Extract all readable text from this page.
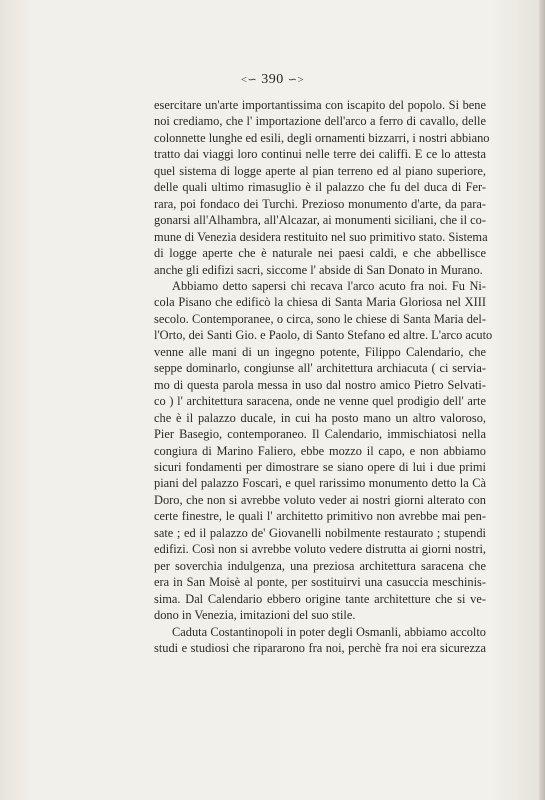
<∽ 390 ∽>
esercitare un'arte importantissima con iscapito del popolo. Si bene
noi crediamo, che l' importazione dell'arco a ferro di cavallo, delle
colonnette lunghe ed esili, degli ornamenti bizzarri, i nostri abbiano
tratto dai viaggi loro continui nelle terre dei califfi. E ce lo attesta
quel sistema di logge aperte al pian terreno ed al piano superiore,
delle quali ultimo rimasuglio è il palazzo che fu del duca di Fer-
rara, poi fondaco dei Turchi. Prezioso monumento d'arte, da para-
gonarsi all'Alhambra, all'Alcazar, ai monumenti siciliani, che il co-
mune di Venezia desidera restituito nel suo primitivo stato. Sistema
di logge aperte che è naturale nei paesi caldi, e che abbellisce
anche gli edifizi sacri, siccome l' abside di San Donato in Murano.
Abbiamo detto sapersi chi recava l'arco acuto fra noi. Fu Ni-
cola Pisano che edificò la chiesa di Santa Maria Gloriosa nel XIII
secolo. Contemporanee, o circa, sono le chiese di Santa Maria del-
l'Orto, dei Santi Gio. e Paolo, di Santo Stefano ed altre. L'arco acuto
venne alle mani di un ingegno potente, Filippo Calendario, che
seppe dominarlo, congiunse all' architettura archiacuta ( ci servia-
mo di questa parola messa in uso dal nostro amico Pietro Selvati-
co ) l' architettura saracena, onde ne venne quel prodigio dell' arte
che è il palazzo ducale, in cui ha posto mano un altro valoroso,
Pier Basegio, contemporaneo. Il Calendario, immischiatosi nella
congiura di Marino Faliero, ebbe mozzo il capo, e non abbiamo
sicuri fondamenti per dimostrare se siano opere di lui i due primi
piani del palazzo Foscari, e quel rarissimo monumento detto la Cà
Doro, che non si avrebbe voluto veder ai nostri giorni alterato con
certe finestre, le quali l' architetto primitivo non avrebbe mai pen-
sate ; ed il palazzo de' Giovanelli nobilmente restaurato ; stupendi
edifizi. Così non si avrebbe voluto vedere distrutta ai giorni nostri,
per soverchia indulgenza, una preziosa architettura saracena che
era in San Moisè al ponte, per sostituirvi una casuccia meschinis-
sima. Dal Calendario ebbero origine tante architetture che si ve-
dono in Venezia, imitazioni del suo stile.
Caduta Costantinopoli in poter degli Osmanli, abbiamo accolto
studi e studiosi che ripararono fra noi, perchè fra noi era sicurezza
